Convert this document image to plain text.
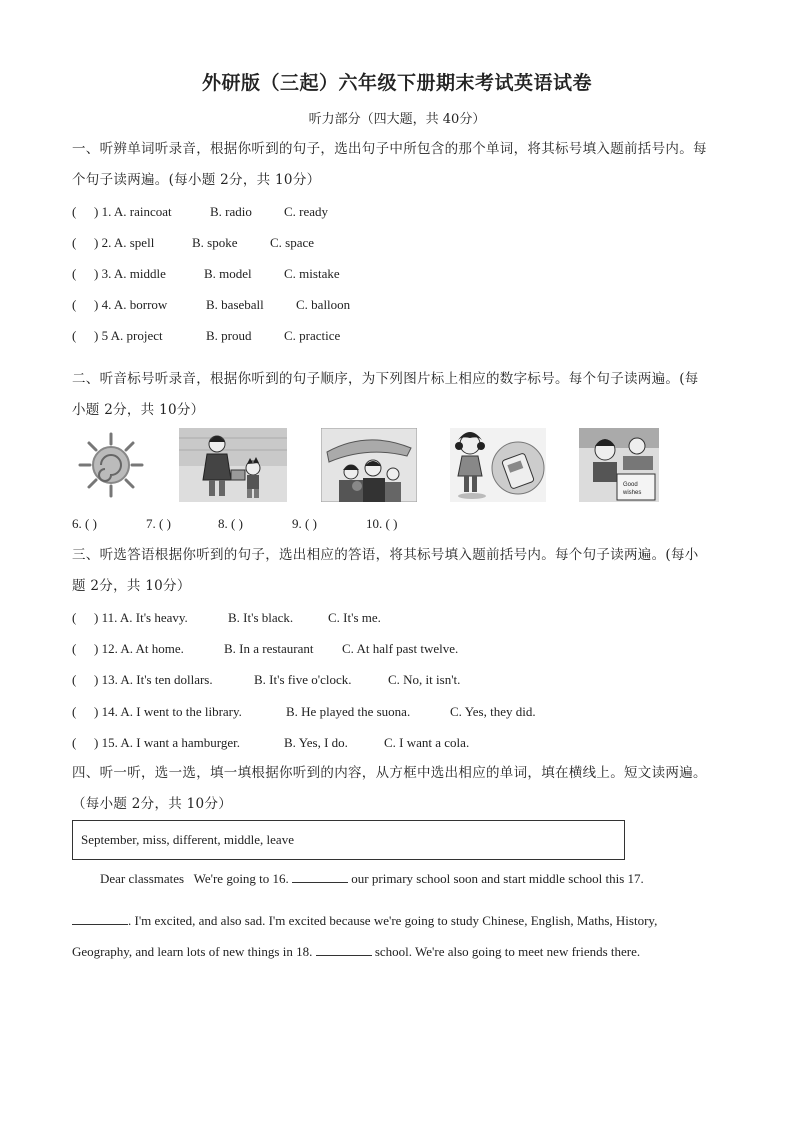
外研版（三起）六年级下册期末考试英语试卷
听力部分（四大题，共 40分）
一、听辨单词听录音，根据你听到的句子，选出句子中所包含的那个单词，将其标号填入题前括号内。每
个句子读两遍。(每小题 2分，共 10分）
( ) 1. A. raincoat	B. radio C. ready
( ) 2. A. spell	B. spoke	C. space
( ) 3. A. middle	B. model C. mistake
( ) 4. A. borrow	B. baseball C. balloon
( ) 5 A. project	B. proud	C. practice
二、听音标号听录音，根据你听到的句子顺序，为下列图片标上相应的数字标号。每个句子读两遍。(每
小题 2分，共 10分）
Good
wishes
6. ( )	7. ( )	8. ( )	9. ( )	10. ( )
三、听选答语根据你听到的句子，选出相应的答语，将其标号填入题前括号内。每个句子读两遍。(每小
题 2分，共 10分）
( ) 11. A. It's heavy.	B. It's black.	C. It's me.
( ) 12. A. At home.	B. In a restaurant C. At half past twelve.
( ) 13. A. It's ten dollars.	B. It's five o'clock.	C. No, it isn't.
( ) 14. A. I went to the library.	B. He played the suona.	C. Yes, they did.
( ) 15. A. I want a hamburger.	B. Yes, I do.	C. I want a cola.
四、听一听，选一选，填一填根据你听到的内容，从方框中选出相应的单词，填在横线上。短文读两遍。
（每小题 2分，共 10分）
September, miss, different, middle, leave
Dear classmates We're going to 16.	our primary school soon and start middle school this 17.
. I'm excited, and also sad. I'm excited because we're going to study Chinese, English, Maths, History,
Geography, and learn lots of new things in 18.	school. We're also going to meet new friends there.
